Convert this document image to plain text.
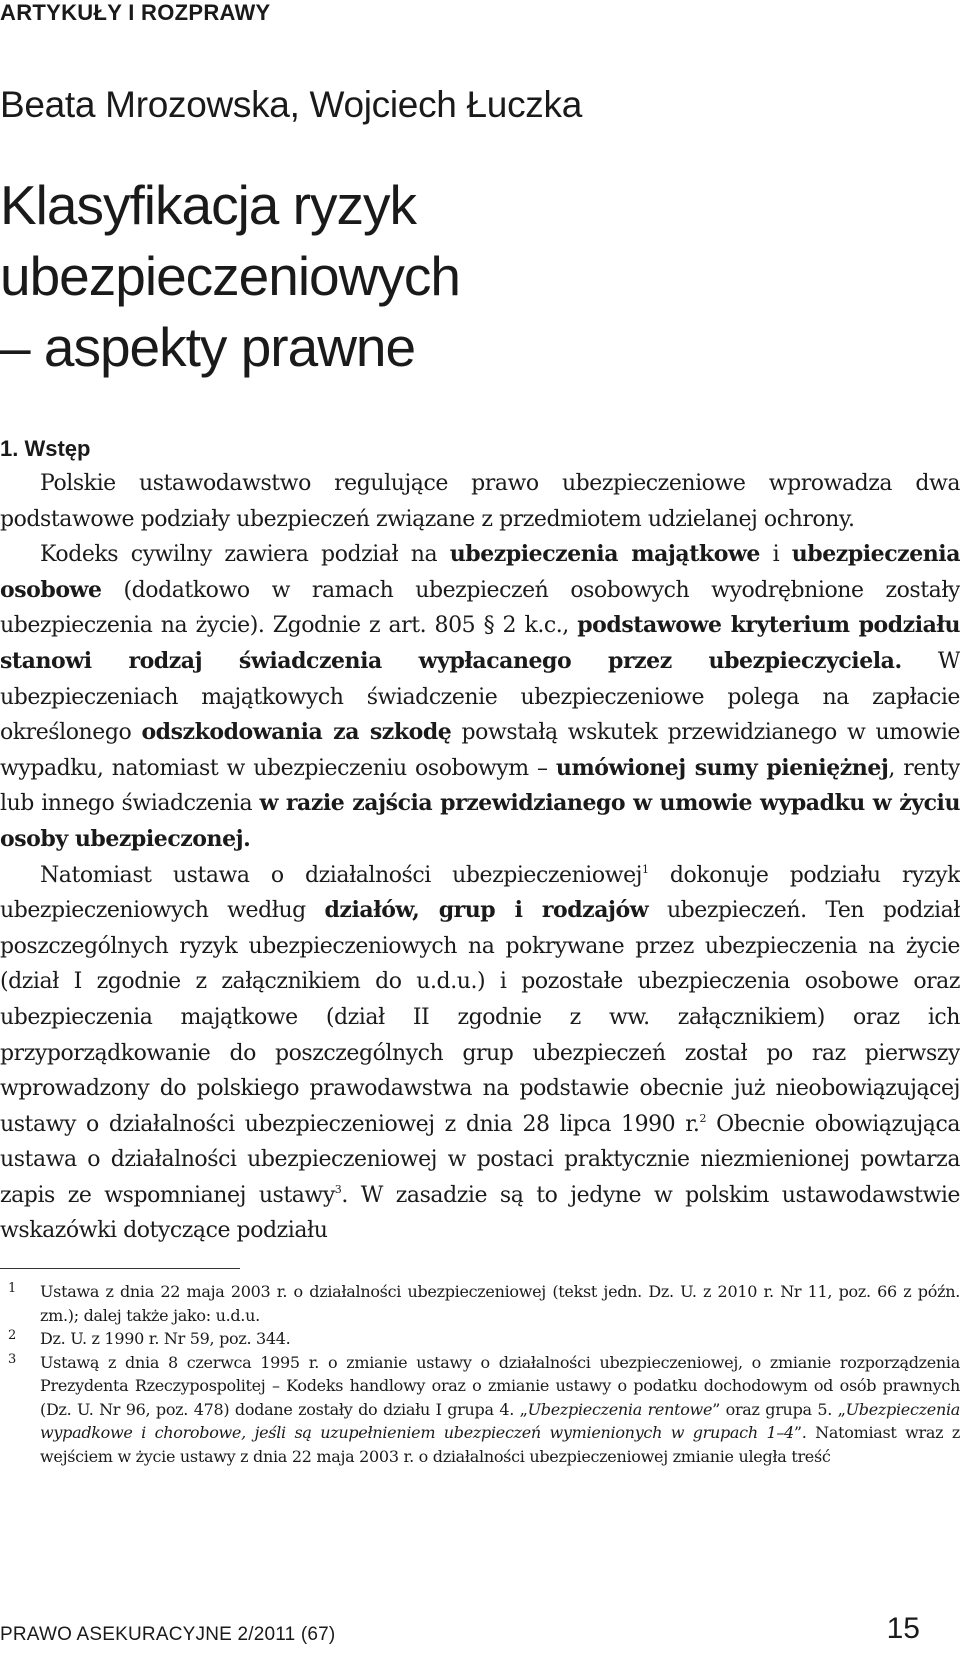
ARTYKUŁY I ROZPRAWY
Beata Mrozowska, Wojciech Łuczka
Klasyfikacja ryzyk
ubezpieczeniowych
– aspekty prawne
1. Wstęp

Polskie ustawodawstwo regulujące prawo ubezpieczeniowe wprowadza dwa podstawowe podziały ubezpieczeń związane z przedmiotem udzielanej ochrony.

Kodeks cywilny zawiera podział na ubezpieczenia majątkowe i ubezpieczenia osobowe (dodatkowo w ramach ubezpieczeń osobowych wyodrębnione zostały ubezpieczenia na życie). Zgodnie z art. 805 § 2 k.c., podstawowe kryterium podziału stanowi rodzaj świadczenia wypłacanego przez ubezpieczyciela. W ubezpieczeniach majątkowych świadczenie ubezpieczeniowe polega na zapłacie określonego odszkodowania za szkodę powstałą wskutek przewidzianego w umowie wypadku, natomiast w ubezpieczeniu osobowym – umówionej sumy pieniężnej, renty lub innego świadczenia w razie zajścia przewidzianego w umowie wypadku w życiu osoby ubezpieczonej.

Natomiast ustawa o działalności ubezpieczeniowej$^1$ dokonuje podziału ryzyk ubezpieczeniowych według działów, grup i rodzajów ubezpieczeń. Ten podział poszczególnych ryzyk ubezpieczeniowych na pokrywane przez ubezpieczenia na życie (dział I zgodnie z załącznikiem do u.d.u.) i pozostałe ubezpieczenia osobowe oraz ubezpieczenia majątkowe (dział II zgodnie z ww. załącznikiem) oraz ich przyporządkowanie do poszczególnych grup ubezpieczeń został po raz pierwszy wprowadzony do polskiego prawodawstwa na podstawie obecnie już nieobowiązującej ustawy o działalności ubezpieczeniowej z dnia 28 lipca 1990 r.$^2$ Obecnie obowiązująca ustawa o działalności ubezpieczeniowej w postaci praktycznie niezmienionej powtarza zapis ze wspomnianej ustawy$^3$. W zasadzie są to jedyne w polskim ustawodawstwie wskazówki dotyczące podziału

1	Ustawa z dnia 22 maja 2003 r. o działalności ubezpieczeniowej (tekst jedn. Dz. U. z 2010 r. Nr 11, poz. 66 z późn. zm.); dalej także jako: u.d.u.
2	Dz. U. z 1990 r. Nr 59, poz. 344.
3	Ustawą z dnia 8 czerwca 1995 r. o zmianie ustawy o działalności ubezpieczeniowej, o zmianie rozporządzenia Prezydenta Rzeczypospolitej – Kodeks handlowy oraz o zmianie ustawy o podatku dochodowym od osób prawnych (Dz. U. Nr 96, poz. 478) dodane zostały do działu I grupa 4. „Ubezpieczenia rentowe” oraz grupa 5. „Ubezpieczenia wypadkowe i chorobowe, jeśli są uzupełnieniem ubezpieczeń wymienionych w grupach 1–4”. Natomiast wraz z wejściem w życie ustawy z dnia 22 maja 2003 r. o działalności ubezpieczeniowej zmianie uległa treść
PRAWO ASEKURACYJNE 2/2011 (67)	15
